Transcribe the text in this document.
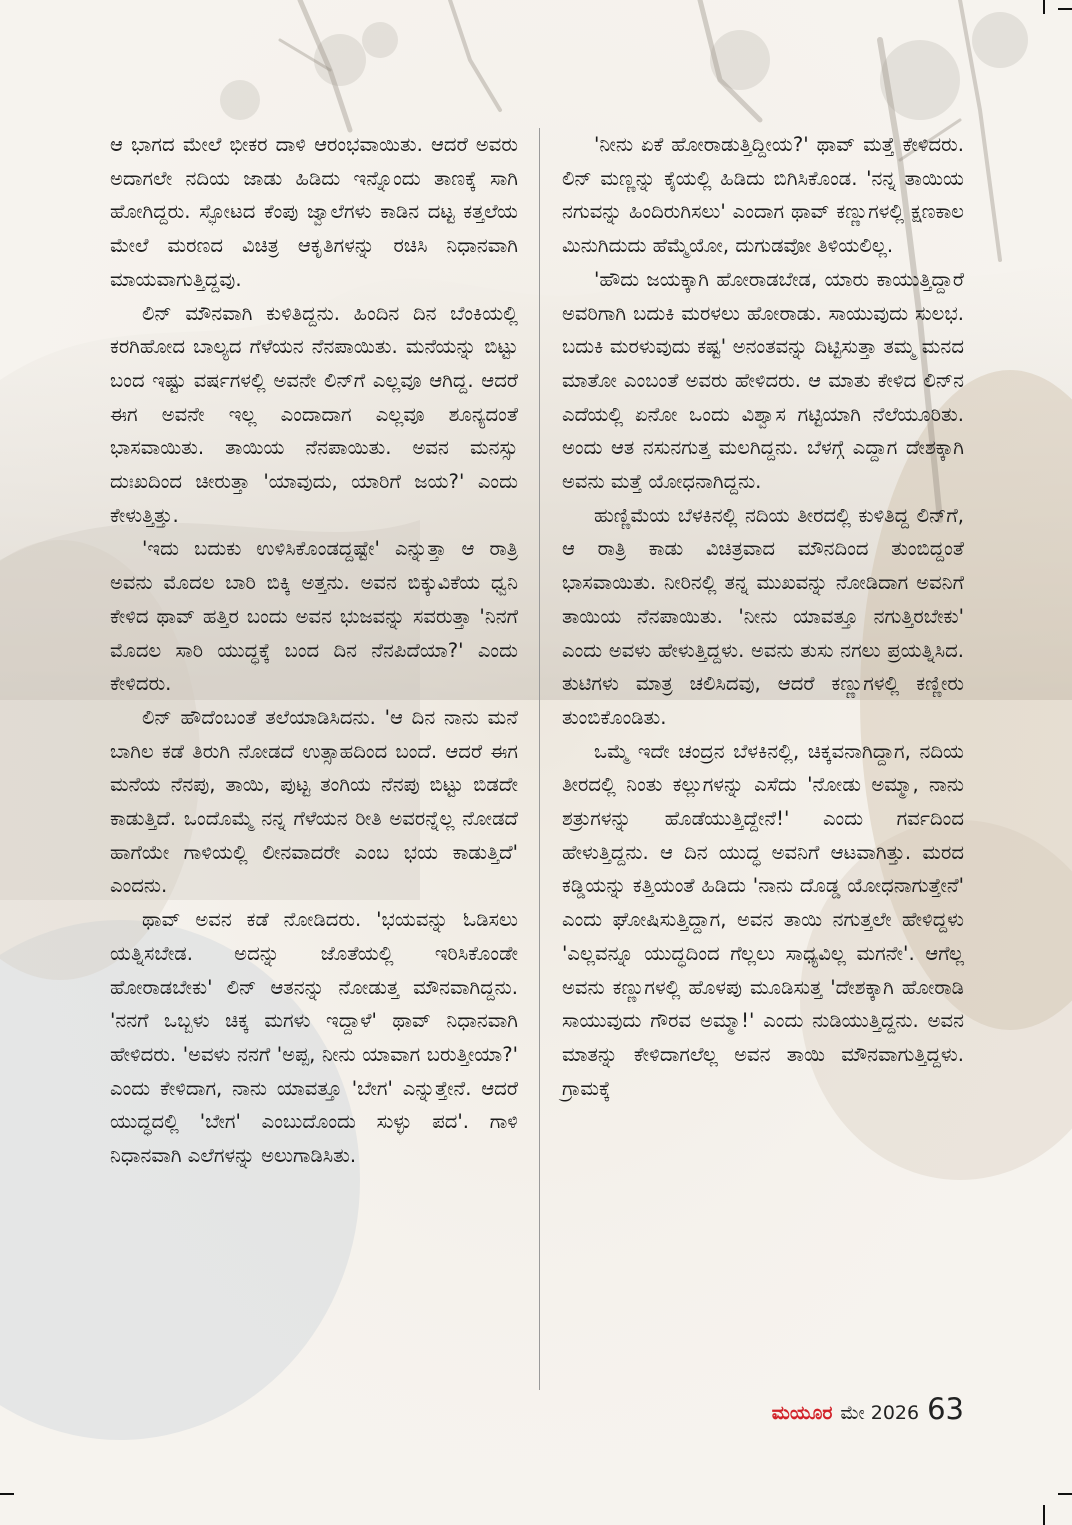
ಆ ಭಾಗದ ಮೇಲೆ ಭೀಕರ ದಾಳಿ ಆರಂಭವಾಯಿತು. ಆದರೆ ಅವರು ಅದಾಗಲೇ ನದಿಯ ಜಾಡು ಹಿಡಿದು ಇನ್ನೊಂದು ತಾಣಕ್ಕೆ ಸಾಗಿ ಹೋಗಿದ್ದರು. ಸ್ಫೋಟದ ಕೆಂಪು ಜ್ವಾಲೆಗಳು ಕಾಡಿನ ದಟ್ಟ ಕತ್ತಲೆಯ ಮೇಲೆ ಮರಣದ ವಿಚಿತ್ರ ಆಕೃತಿಗಳನ್ನು ರಚಿಸಿ ನಿಧಾನವಾಗಿ ಮಾಯವಾಗುತ್ತಿದ್ದವು.

ಲಿನ್ ಮೌನವಾಗಿ ಕುಳಿತಿದ್ದನು. ಹಿಂದಿನ ದಿನ ಬೆಂಕಿಯಲ್ಲಿ ಕರಗಿಹೋದ ಬಾಲ್ಯದ ಗೆಳೆಯನ ನೆನಪಾಯಿತು. ಮನೆಯನ್ನು ಬಿಟ್ಟು ಬಂದ ಇಷ್ಟು ವರ್ಷಗಳಲ್ಲಿ ಅವನೇ ಲಿನ್‌ಗೆ ಎಲ್ಲವೂ ಆಗಿದ್ದ. ಆದರೆ ಈಗ ಅವನೇ ಇಲ್ಲ ಎಂದಾದಾಗ ಎಲ್ಲವೂ ಶೂನ್ಯದಂತೆ ಭಾಸವಾಯಿತು. ತಾಯಿಯ ನೆನಪಾಯಿತು. ಅವನ ಮನಸ್ಸು ದುಃಖದಿಂದ ಚೀರುತ್ತಾ 'ಯಾವುದು, ಯಾರಿಗೆ ಜಯ?' ಎಂದು ಕೇಳುತ್ತಿತ್ತು.

'ಇದು ಬದುಕು ಉಳಿಸಿಕೊಂಡದ್ದಷ್ಟೇ' ಎನ್ನುತ್ತಾ ಆ ರಾತ್ರಿ ಅವನು ಮೊದಲ ಬಾರಿ ಬಿಕ್ಕಿ ಅತ್ತನು. ಅವನ ಬಿಕ್ಕುವಿಕೆಯ ಧ್ವನಿ ಕೇಳಿದ ಥಾವ್ ಹತ್ತಿರ ಬಂದು ಅವನ ಭುಜವನ್ನು ಸವರುತ್ತಾ 'ನಿನಗೆ ಮೊದಲ ಸಾರಿ ಯುದ್ಧಕ್ಕೆ ಬಂದ ದಿನ ನೆನಪಿದೆಯಾ?' ಎಂದು ಕೇಳಿದರು.

ಲಿನ್ ಹೌದೆಂಬಂತೆ ತಲೆಯಾಡಿಸಿದನು. 'ಆ ದಿನ ನಾನು ಮನೆ ಬಾಗಿಲ ಕಡೆ ತಿರುಗಿ ನೋಡದೆ ಉತ್ಸಾಹದಿಂದ ಬಂದೆ. ಆದರೆ ಈಗ ಮನೆಯ ನೆನಪು, ತಾಯಿ, ಪುಟ್ಟ ತಂಗಿಯ ನೆನಪು ಬಿಟ್ಟು ಬಿಡದೇ ಕಾಡುತ್ತಿದೆ. ಒಂದೊಮ್ಮೆ ನನ್ನ ಗೆಳೆಯನ ರೀತಿ ಅವರನ್ನೆಲ್ಲ ನೋಡದೆ ಹಾಗೆಯೇ ಗಾಳಿಯಲ್ಲಿ ಲೀನವಾದರೇ ಎಂಬ ಭಯ ಕಾಡುತ್ತಿದೆ' ಎಂದನು.

ಥಾವ್ ಅವನ ಕಡೆ ನೋಡಿದರು. 'ಭಯವನ್ನು ಓಡಿಸಲು ಯತ್ನಿಸಬೇಡ. ಅದನ್ನು ಜೊತೆಯಲ್ಲಿ ಇರಿಸಿಕೊಂಡೇ ಹೋರಾಡಬೇಕು' ಲಿನ್ ಆತನನ್ನು ನೋಡುತ್ತ ಮೌನವಾಗಿದ್ದನು. 'ನನಗೆ ಒಬ್ಬಳು ಚಿಕ್ಕ ಮಗಳು ಇದ್ದಾಳೆ' ಥಾವ್ ನಿಧಾನವಾಗಿ ಹೇಳಿದರು. 'ಅವಳು ನನಗೆ 'ಅಪ್ಪ, ನೀನು ಯಾವಾಗ ಬರುತ್ತೀಯಾ?' ಎಂದು ಕೇಳಿದಾಗ, ನಾನು ಯಾವತ್ತೂ 'ಬೇಗ' ಎನ್ನುತ್ತೇನೆ. ಆದರೆ ಯುದ್ಧದಲ್ಲಿ 'ಬೇಗ' ಎಂಬುದೊಂದು ಸುಳ್ಳು ಪದ'. ಗಾಳಿ ನಿಧಾನವಾಗಿ ಎಲೆಗಳನ್ನು ಅಲುಗಾಡಿಸಿತು.

'ನೀನು ಏಕೆ ಹೋರಾಡುತ್ತಿದ್ದೀಯ?' ಥಾವ್ ಮತ್ತೆ ಕೇಳಿದರು. ಲಿನ್ ಮಣ್ಣನ್ನು ಕೈಯಲ್ಲಿ ಹಿಡಿದು ಬಿಗಿಸಿಕೊಂಡ. 'ನನ್ನ ತಾಯಿಯ ನಗುವನ್ನು ಹಿಂದಿರುಗಿಸಲು' ಎಂದಾಗ ಥಾವ್ ಕಣ್ಣುಗಳಲ್ಲಿ ಕ್ಷಣಕಾಲ ಮಿನುಗಿದುದು ಹೆಮ್ಮೆಯೋ, ದುಗುಡವೋ ತಿಳಿಯಲಿಲ್ಲ.

'ಹೌದು ಜಯಕ್ಕಾಗಿ ಹೋರಾಡಬೇಡ, ಯಾರು ಕಾಯುತ್ತಿದ್ದಾರೆ ಅವರಿಗಾಗಿ ಬದುಕಿ ಮರಳಲು ಹೋರಾಡು. ಸಾಯುವುದು ಸುಲಭ. ಬದುಕಿ ಮರಳುವುದು ಕಷ್ಟ' ಅನಂತವನ್ನು ದಿಟ್ಟಿಸುತ್ತಾ ತಮ್ಮ ಮನದ ಮಾತೋ ಎಂಬಂತೆ ಅವರು ಹೇಳಿದರು. ಆ ಮಾತು ಕೇಳಿದ ಲಿನ್‌ನ ಎದೆಯಲ್ಲಿ ಏನೋ ಒಂದು ವಿಶ್ವಾಸ ಗಟ್ಟಿಯಾಗಿ ನೆಲೆಯೂರಿತು. ಅಂದು ಆತ ನಸುನಗುತ್ತ ಮಲಗಿದ್ದನು. ಬೆಳಗ್ಗೆ ಎದ್ದಾಗ ದೇಶಕ್ಕಾಗಿ ಅವನು ಮತ್ತೆ ಯೋಧನಾಗಿದ್ದನು.

ಹುಣ್ಣಿಮೆಯ ಬೆಳಕಿನಲ್ಲಿ ನದಿಯ ತೀರದಲ್ಲಿ ಕುಳಿತಿದ್ದ ಲಿನ್‌ಗೆ, ಆ ರಾತ್ರಿ ಕಾಡು ವಿಚಿತ್ರವಾದ ಮೌನದಿಂದ ತುಂಬಿದ್ದಂತೆ ಭಾಸವಾಯಿತು. ನೀರಿನಲ್ಲಿ ತನ್ನ ಮುಖವನ್ನು ನೋಡಿದಾಗ ಅವನಿಗೆ ತಾಯಿಯ ನೆನಪಾಯಿತು. 'ನೀನು ಯಾವತ್ತೂ ನಗುತ್ತಿರಬೇಕು' ಎಂದು ಅವಳು ಹೇಳುತ್ತಿದ್ದಳು. ಅವನು ತುಸು ನಗಲು ಪ್ರಯತ್ನಿಸಿದ. ತುಟಿಗಳು ಮಾತ್ರ ಚಲಿಸಿದವು, ಆದರೆ ಕಣ್ಣುಗಳಲ್ಲಿ ಕಣ್ಣೀರು ತುಂಬಿಕೊಂಡಿತು.

ಒಮ್ಮೆ ಇದೇ ಚಂದ್ರನ ಬೆಳಕಿನಲ್ಲಿ, ಚಿಕ್ಕವನಾಗಿದ್ದಾಗ, ನದಿಯ ತೀರದಲ್ಲಿ ನಿಂತು ಕಲ್ಲುಗಳನ್ನು ಎಸೆದು 'ನೋಡು ಅಮ್ಮಾ, ನಾನು ಶತ್ರುಗಳನ್ನು ಹೊಡೆಯುತ್ತಿದ್ದೇನೆ!' ಎಂದು ಗರ್ವದಿಂದ ಹೇಳುತ್ತಿದ್ದನು. ಆ ದಿನ ಯುದ್ಧ ಅವನಿಗೆ ಆಟವಾಗಿತ್ತು. ಮರದ ಕಡ್ಡಿಯನ್ನು ಕತ್ತಿಯಂತೆ ಹಿಡಿದು 'ನಾನು ದೊಡ್ಡ ಯೋಧನಾಗುತ್ತೇನೆ' ಎಂದು ಘೋಷಿಸುತ್ತಿದ್ದಾಗ, ಅವನ ತಾಯಿ ನಗುತ್ತಲೇ ಹೇಳಿದ್ದಳು 'ಎಲ್ಲವನ್ನೂ ಯುದ್ಧದಿಂದ ಗೆಲ್ಲಲು ಸಾಧ್ಯವಿಲ್ಲ ಮಗನೇ'. ಆಗೆಲ್ಲ ಅವನು ಕಣ್ಣುಗಳಲ್ಲಿ ಹೊಳಪು ಮೂಡಿಸುತ್ತ 'ದೇಶಕ್ಕಾಗಿ ಹೋರಾಡಿ ಸಾಯುವುದು ಗೌರವ ಅಮ್ಮಾ!' ಎಂದು ನುಡಿಯುತ್ತಿದ್ದನು. ಅವನ ಮಾತನ್ನು ಕೇಳಿದಾಗಲೆಲ್ಲ ಅವನ ತಾಯಿ ಮೌನವಾಗುತ್ತಿದ್ದಳು. ಗ್ರಾಮಕ್ಕೆ

ಮಯೂರ ಮೇ 2026 63
